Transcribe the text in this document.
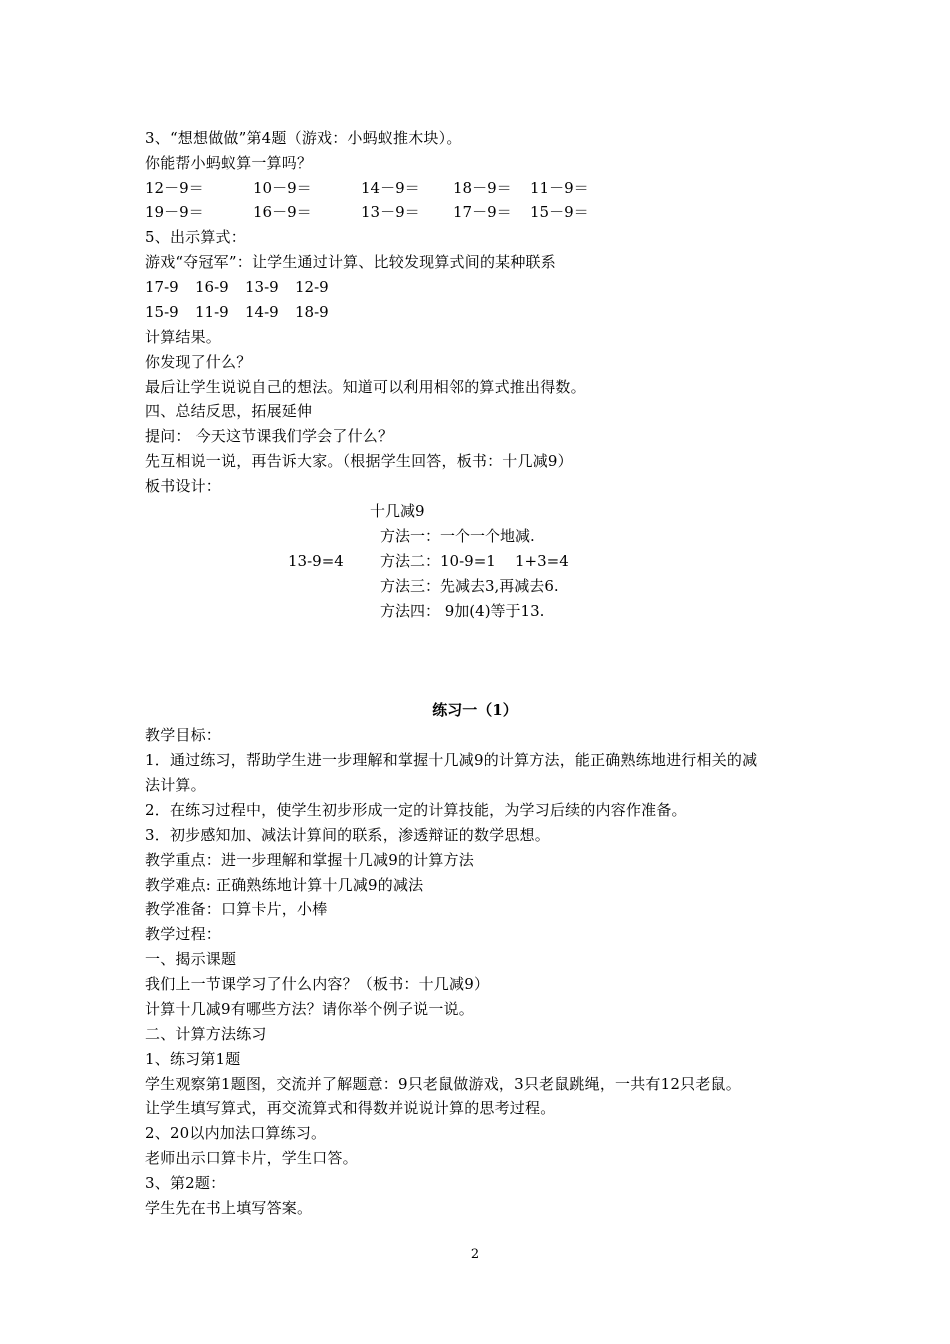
3、“想想做做”第4题（游戏：小蚂蚁推木块）。
你能帮小蚂蚁算一算吗？
12－9＝	10－9＝	14－9＝ 18－9＝ 11－9＝
19－9＝	16－9＝	13－9＝ 17－9＝ 15－9＝
5、出示算式：
游戏“夺冠军”：让学生通过计算、比较发现算式间的某种联系
17-9 16-9 13-9 12-9
15-9 11-9 14-9 18-9
计算结果。
你发现了什么？
最后让学生说说自己的想法。知道可以利用相邻的算式推出得数。
四、总结反思，拓展延伸
提问： 今天这节课我们学会了什么？
先互相说一说，再告诉大家。（根据学生回答，板书：十几减9）
板书设计：
十几减9
方法一：一个一个地减.
13-9=4 方法二：10-9=1 1+3=4
方法三：先减去3,再减去6.
方法四： 9加(4)等于13.
练习一（1）
教学目标：
1．通过练习，帮助学生进一步理解和掌握十几减9的计算方法，能正确熟练地进行相关的减
法计算。
2．在练习过程中，使学生初步形成一定的计算技能，为学习后续的内容作准备。
3．初步感知加、减法计算间的联系，渗透辩证的数学思想。
教学重点：进一步理解和掌握十几减9的计算方法
教学难点: 正确熟练地计算十几减9的减法
教学准备：口算卡片，小棒
教学过程：
一、揭示课题
我们上一节课学习了什么内容？（板书：十几减9）
计算十几减9有哪些方法？请你举个例子说一说。
二、计算方法练习
1、练习第1题
学生观察第1题图，交流并了解题意：9只老鼠做游戏，3只老鼠跳绳，一共有12只老鼠。
让学生填写算式，再交流算式和得数并说说计算的思考过程。
2、20以内加法口算练习。
老师出示口算卡片，学生口答。
3、第2题：
学生先在书上填写答案。
2
